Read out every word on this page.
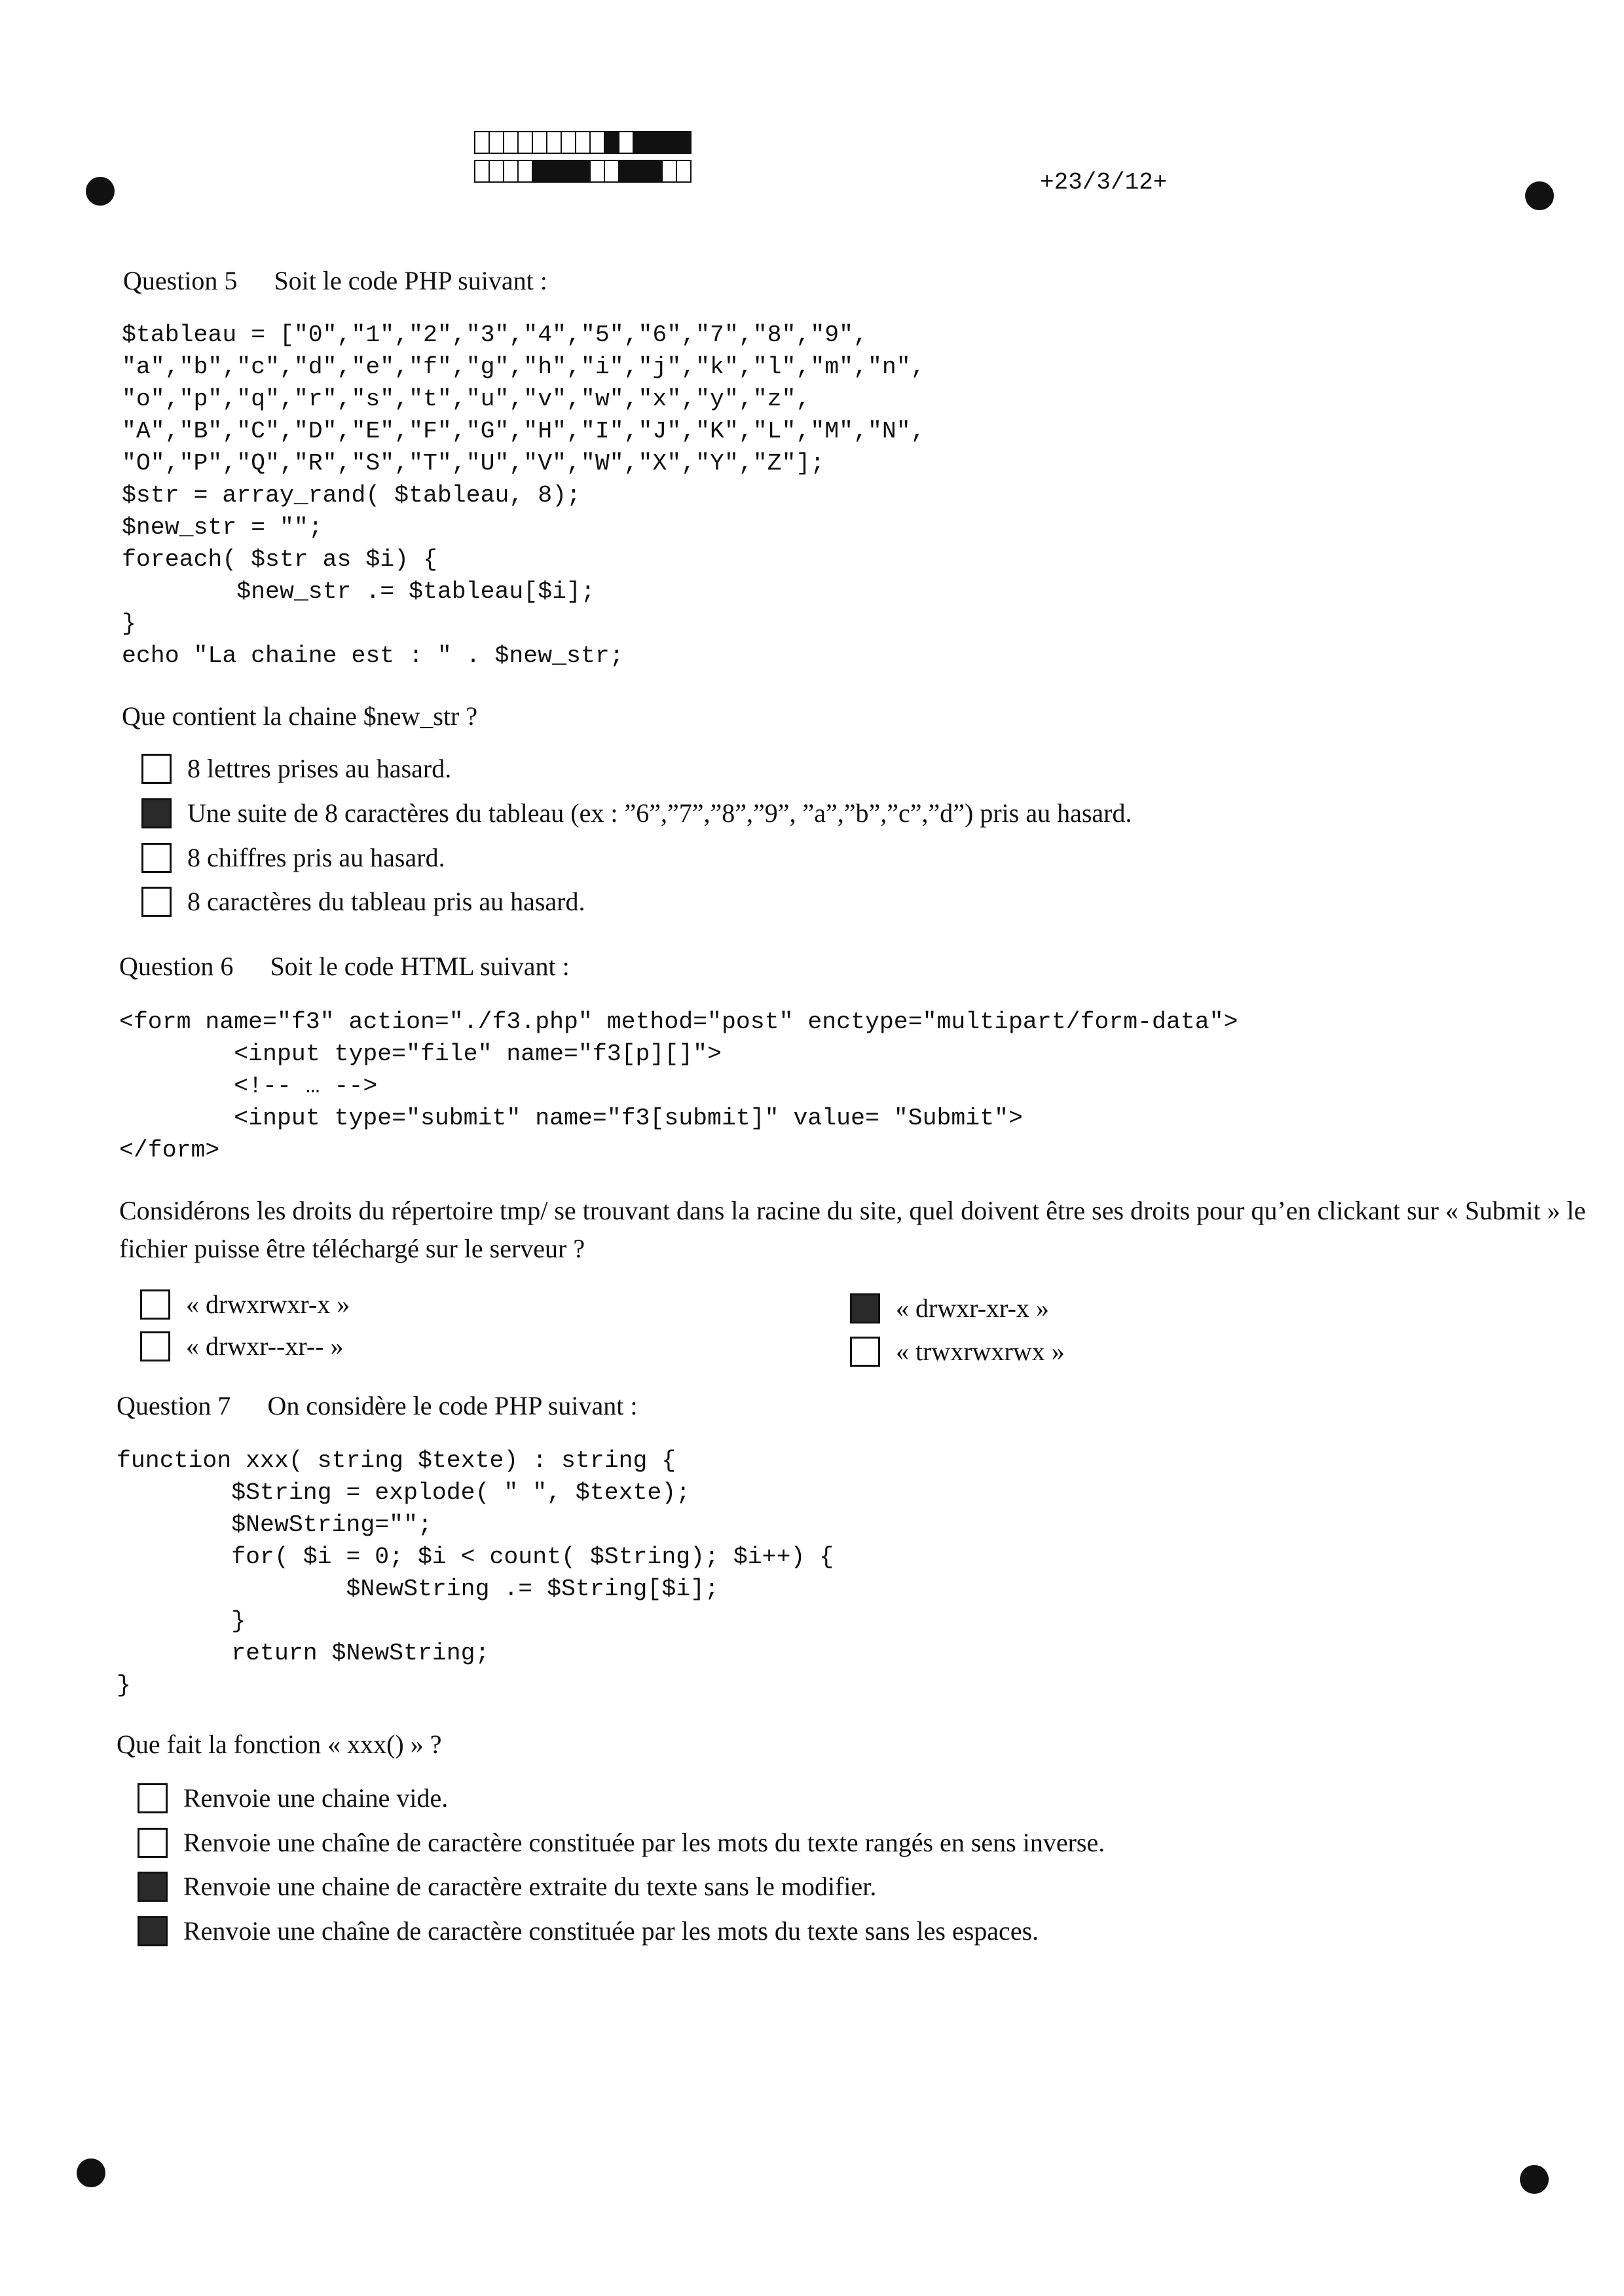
+23/3/12+
Question 5 Soit le code PHP suivant :
$tableau = ["0","1","2","3","4","5","6","7","8","9",
"a","b","c","d","e","f","g","h","i","j","k","l","m","n",
"o","p","q","r","s","t","u","v","w","x","y","z",
"A","B","C","D","E","F","G","H","I","J","K","L","M","N",
"O","P","Q","R","S","T","U","V","W","X","Y","Z"];
$str = array_rand( $tableau, 8);
$new_str = "";
foreach( $str as $i) {
$new_str .= $tableau[$i];
}
echo "La chaine est : " . $new_str;
Que contient la chaine $new_str ?
8 lettres prises au hasard.
Une suite de 8 caractères du tableau (ex : ”6”,”7”,”8”,”9”, ”a”,”b”,”c”,”d”) pris au hasard.
8 chiffres pris au hasard.
8 caractères du tableau pris au hasard.
Question 6 Soit le code HTML suivant :
<form name="f3" action="./f3.php" method="post" enctype="multipart/form-data">
<input type="file" name="f3[p][]">
<!-- … -->
<input type="submit" name="f3[submit]" value= "Submit">
</form>
Considérons les droits du répertoire tmp/ se trouvant dans la racine du site, quel doivent être ses droits pour qu’en clickant sur « Submit » le fichier puisse être téléchargé sur le serveur ?
« drwxrwxr-x »	« drwxr-xr-x »
« drwxr--xr-- »	« trwxrwxrwx »
Question 7 On considère le code PHP suivant :
function xxx( string $texte) : string {
$String = explode( " ", $texte);
$NewString="";
for( $i = 0; $i < count( $String); $i++) {
$NewString .= $String[$i];
}
return $NewString;
}
Que fait la fonction « xxx() » ?
Renvoie une chaine vide.
Renvoie une chaîne de caractère constituée par les mots du texte rangés en sens inverse.
Renvoie une chaine de caractère extraite du texte sans le modifier.
Renvoie une chaîne de caractère constituée par les mots du texte sans les espaces.
